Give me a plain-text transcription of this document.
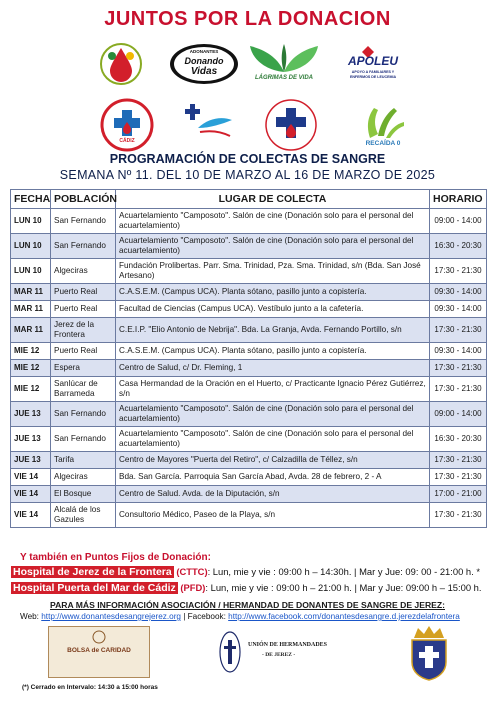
JUNTOS POR LA DONACION
ADONANTES
Donando
Vidas
LÁGRIMAS DE VIDA
APOLEU
APOYO A FAMILIARES Y ENFERMOS DE LEUCEMIA
CÁDIZ	RECAÍDA 0
PROGRAMACIÓN DE COLECTAS DE SANGRE
SEMANA Nº 11. DEL 10 DE MARZO AL 16 DE MARZO DE 2025
FECHA	POBLACIÓN	LUGAR DE COLECTA	HORARIO
LUN 10	San Fernando	Acuartelamiento "Camposoto". Salón de cine (Donación solo para el personal del acuartelamiento)	09:00 - 14:00
LUN 10	San Fernando	Acuartelamiento "Camposoto". Salón de cine (Donación solo para el personal del acuartelamiento)	16:30 - 20:30
LUN 10	Algeciras	Fundación Prolibertas. Parr. Sma. Trinidad, Pza. Sma. Trinidad, s/n (Bda. San José Artesano)	17:30 - 21:30
MAR 11	Puerto Real	C.A.S.E.M. (Campus UCA). Planta sótano, pasillo junto a copistería.	09:30 - 14:00
MAR 11	Puerto Real	Facultad de Ciencias (Campus UCA). Vestíbulo junto a la cafetería.	09:30 - 14:00
MAR 11	Jerez de la Frontera	C.E.I.P. "Elio Antonio de Nebrija". Bda. La Granja, Avda. Fernando Portillo, s/n	17:30 - 21:30
MIE 12	Puerto Real	C.A.S.E.M. (Campus UCA). Planta sótano, pasillo junto a copistería.	09:30 - 14:00
MIE 12	Espera	Centro de Salud, c/ Dr. Fleming, 1	17:30 - 21:30
MIE 12	Sanlúcar de Barrameda	Casa Hermandad de la Oración en el Huerto, c/ Practicante Ignacio Pérez Gutiérrez, s/n	17:30 - 21:30
JUE 13	San Fernando	Acuartelamiento "Camposoto". Salón de cine (Donación solo para el personal del acuartelamiento)	09:00 - 14:00
JUE 13	San Fernando	Acuartelamiento "Camposoto". Salón de cine (Donación solo para el personal del acuartelamiento)	16:30 - 20:30
JUE 13	Tarifa	Centro de Mayores "Puerta del Retiro", c/ Calzadilla de Téllez, s/n	17:30 - 21:30
VIE 14	Algeciras	Bda. San García. Parroquia San García Abad, Avda. 28 de febrero, 2 - A	17:30 - 21:30
VIE 14	El Bosque	Centro de Salud. Avda. de la Diputación, s/n	17:00 - 21:00
VIE 14	Alcalá de los Gazules	Consultorio Médico, Paseo de la Playa, s/n	17:30 - 21:30
Y también en Puntos Fijos de Donación:
Hospital de Jerez de la Frontera (CTTC): Lun, mie y vie : 09:00 h – 14:30h. | Mar y Jue: 09: 00 - 21:00 h. *
Hospital Puerta del Mar de Cádiz (PFD): Lun, mie y vie : 09:00 h – 21:00 h. | Mar y Jue: 09:00 h – 15:00 h.
PARA MÁS INFORMACIÓN ASOCIACIÓN / HERMANDAD DE DONANTES DE SANGRE DE JEREZ:
Web: http://www.donantesdesangrejerez.org | Facebook: http://www.facebook.com/donantesdesangre.d.jerezdelafrontera
BOLSA de CARIDAD
UNIÓN DE HERMANDADES
- DE JEREZ -
(*) Cerrado en Intervalo: 14:30 a 15:00 horas
